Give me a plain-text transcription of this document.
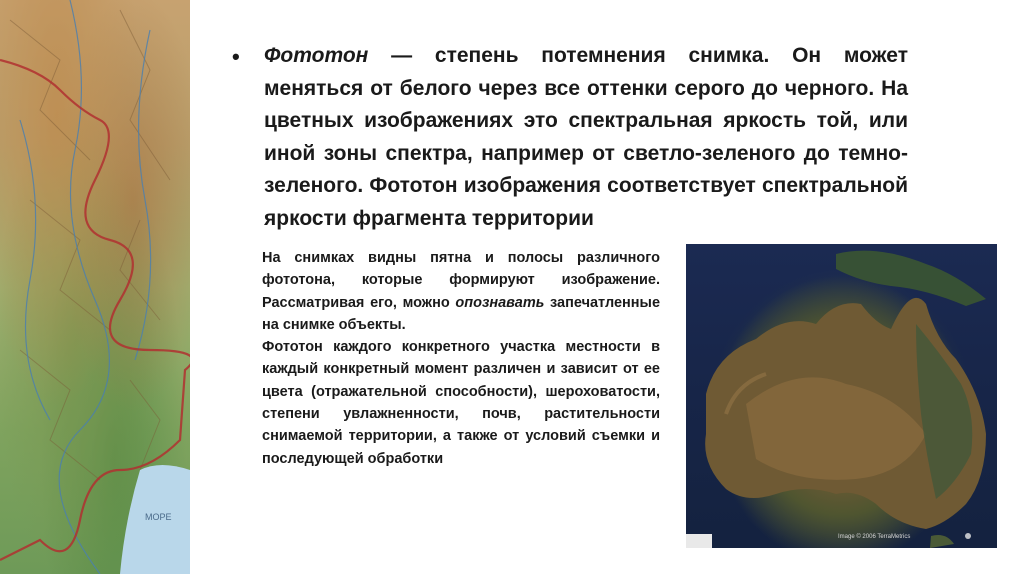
МОРЕ
• Фототон — степень потемнения снимка. Он может меняться от белого через все оттенки серого до черного. На цветных изображениях это спектральная яркость той, или иной зоны спектра, например от светло-зеленого до темно-зеленого. Фототон изображения соответствует спектральной яркости фрагмента территории

На снимках видны пятна и полосы различного фототона, которые формируют изображение. Рассматривая его, можно опознавать запечатленные на снимке объекты.

Фототон каждого конкретного участка местности в каждый конкретный момент различен и зависит от ее цвета (отражательной способности), шероховатости, степени увлажненности, почв, растительности снимаемой территории, а также от условий съемки и последующей обработки

Image © 2006 TerraMetrics
